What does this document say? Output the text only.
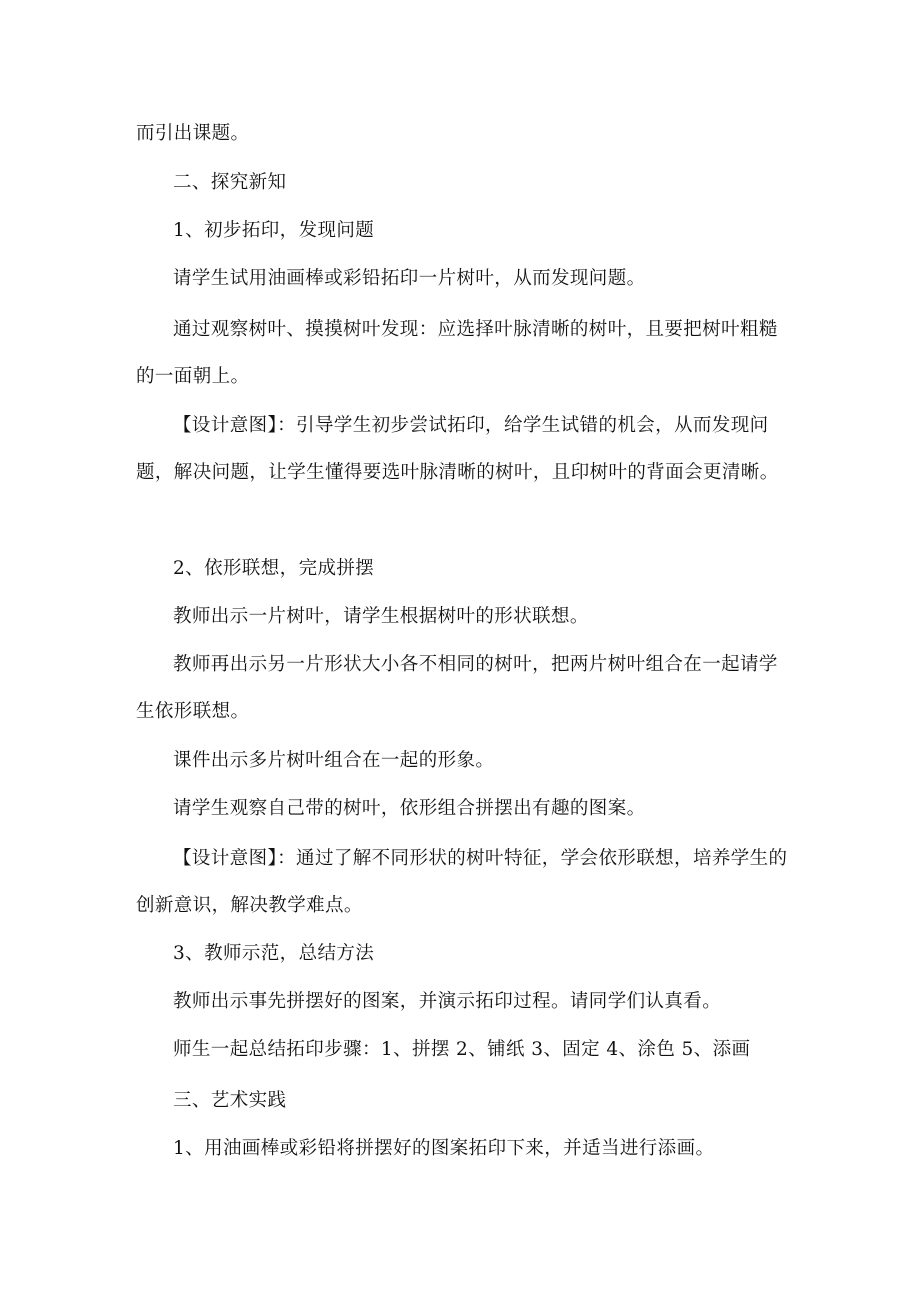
而引出课题。

二、探究新知

1、初步拓印，发现问题

请学生试用油画棒或彩铅拓印一片树叶，从而发现问题。

通过观察树叶、摸摸树叶发现：应选择叶脉清晰的树叶，且要把树叶粗糙的一面朝上。

【设计意图】：引导学生初步尝试拓印，给学生试错的机会，从而发现问题，解决问题，让学生懂得要选叶脉清晰的树叶，且印树叶的背面会更清晰。

2、依形联想，完成拼摆

教师出示一片树叶，请学生根据树叶的形状联想。

教师再出示另一片形状大小各不相同的树叶，把两片树叶组合在一起请学生依形联想。

课件出示多片树叶组合在一起的形象。

请学生观察自己带的树叶，依形组合拼摆出有趣的图案。

【设计意图】：通过了解不同形状的树叶特征，学会依形联想，培养学生的创新意识，解决教学难点。

3、教师示范，总结方法

教师出示事先拼摆好的图案，并演示拓印过程。请同学们认真看。

师生一起总结拓印步骤：1、拼摆 2、铺纸 3、固定 4、涂色 5、添画

三、艺术实践

1、用油画棒或彩铅将拼摆好的图案拓印下来，并适当进行添画。
